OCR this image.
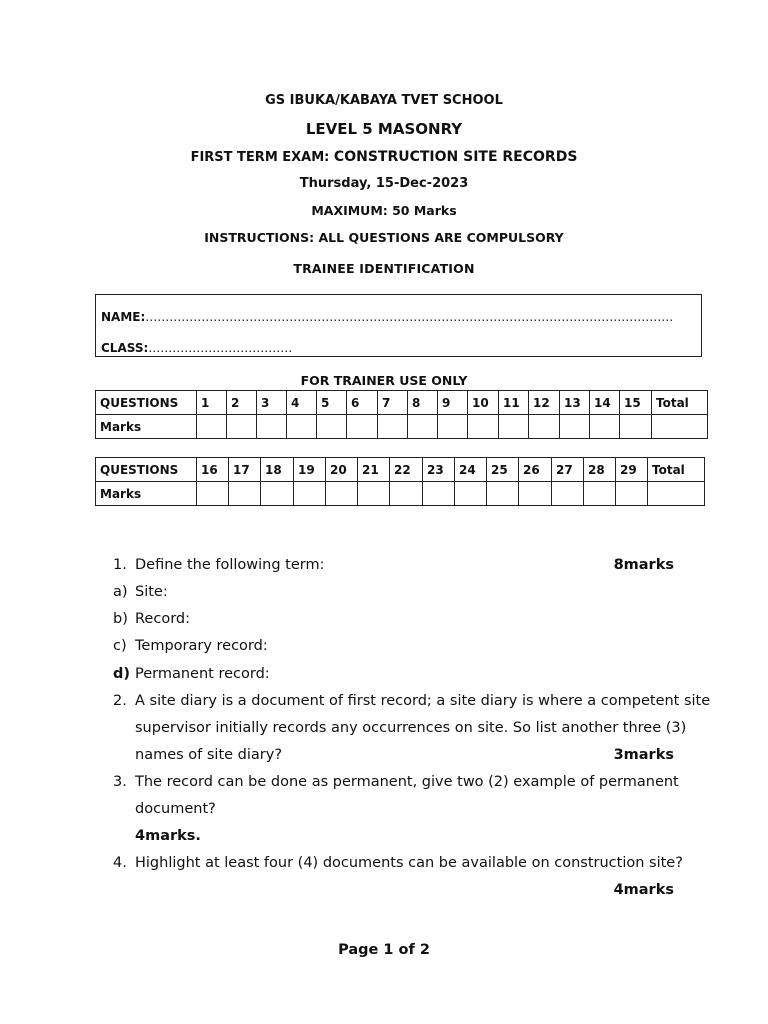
GS IBUKA/KABAYA TVET SCHOOL
LEVEL 5 MASONRY
FIRST TERM EXAM: CONSTRUCTION SITE RECORDS
Thursday, 15-Dec-2023
MAXIMUM: 50 Marks
INSTRUCTIONS: ALL QUESTIONS ARE COMPULSORY
TRAINEE IDENTIFICATION
NAME:……………………………………………………………………………………………………………………
CLASS:………………………………
FOR TRAINER USE ONLY
QUESTIONS	1	2	3	4	5	6	7	8	9	10	11	12	13	14	15	Total
Marks																
QUESTIONS	16	17	18	19	20	21	22	23	24	25	26	27	28	29	Total
Marks															
1. Define the following term:	8marks
a) Site:
b) Record:
c) Temporary record:
d) Permanent record:
2. A site diary is a document of first record; a site diary is where a competent site
supervisor initially records any occurrences on site. So list another three (3)
names of site diary?	3marks
3. The record can be done as permanent, give two (2) example of permanent
document?
4marks.
4. Highlight at least four (4) documents can be available on construction site?
4marks
Page 1 of 2
